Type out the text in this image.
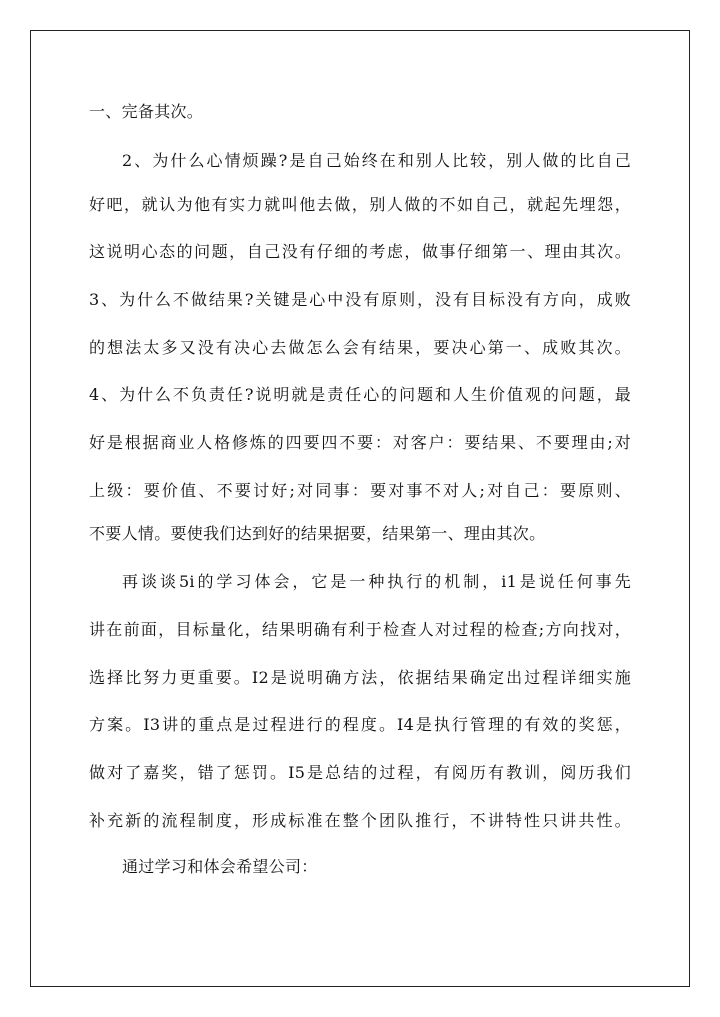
一、完备其次。
2、为什么心情烦躁?是自己始终在和别人比较，别人做的比自己
好吧，就认为他有实力就叫他去做，别人做的不如自己，就起先埋怨，
这说明心态的问题，自己没有仔细的考虑，做事仔细第一、理由其次。
3、为什么不做结果?关键是心中没有原则，没有目标没有方向，成败
的想法太多又没有决心去做怎么会有结果，要决心第一、成败其次。
4、为什么不负责任?说明就是责任心的问题和人生价值观的问题，最
好是根据商业人格修炼的四要四不要：对客户：要结果、不要理由;对
上级：要价值、不要讨好;对同事：要对事不对人;对自己：要原则、
不要人情。要使我们达到好的结果据要，结果第一、理由其次。
再谈谈5i的学习体会，它是一种执行的机制，i1是说任何事先
讲在前面，目标量化，结果明确有利于检查人对过程的检查;方向找对，
选择比努力更重要。I2是说明确方法，依据结果确定出过程详细实施
方案。I3讲的重点是过程进行的程度。I4是执行管理的有效的奖惩，
做对了嘉奖，错了惩罚。I5是总结的过程，有阅历有教训，阅历我们
补充新的流程制度，形成标准在整个团队推行，不讲特性只讲共性。
通过学习和体会希望公司：
